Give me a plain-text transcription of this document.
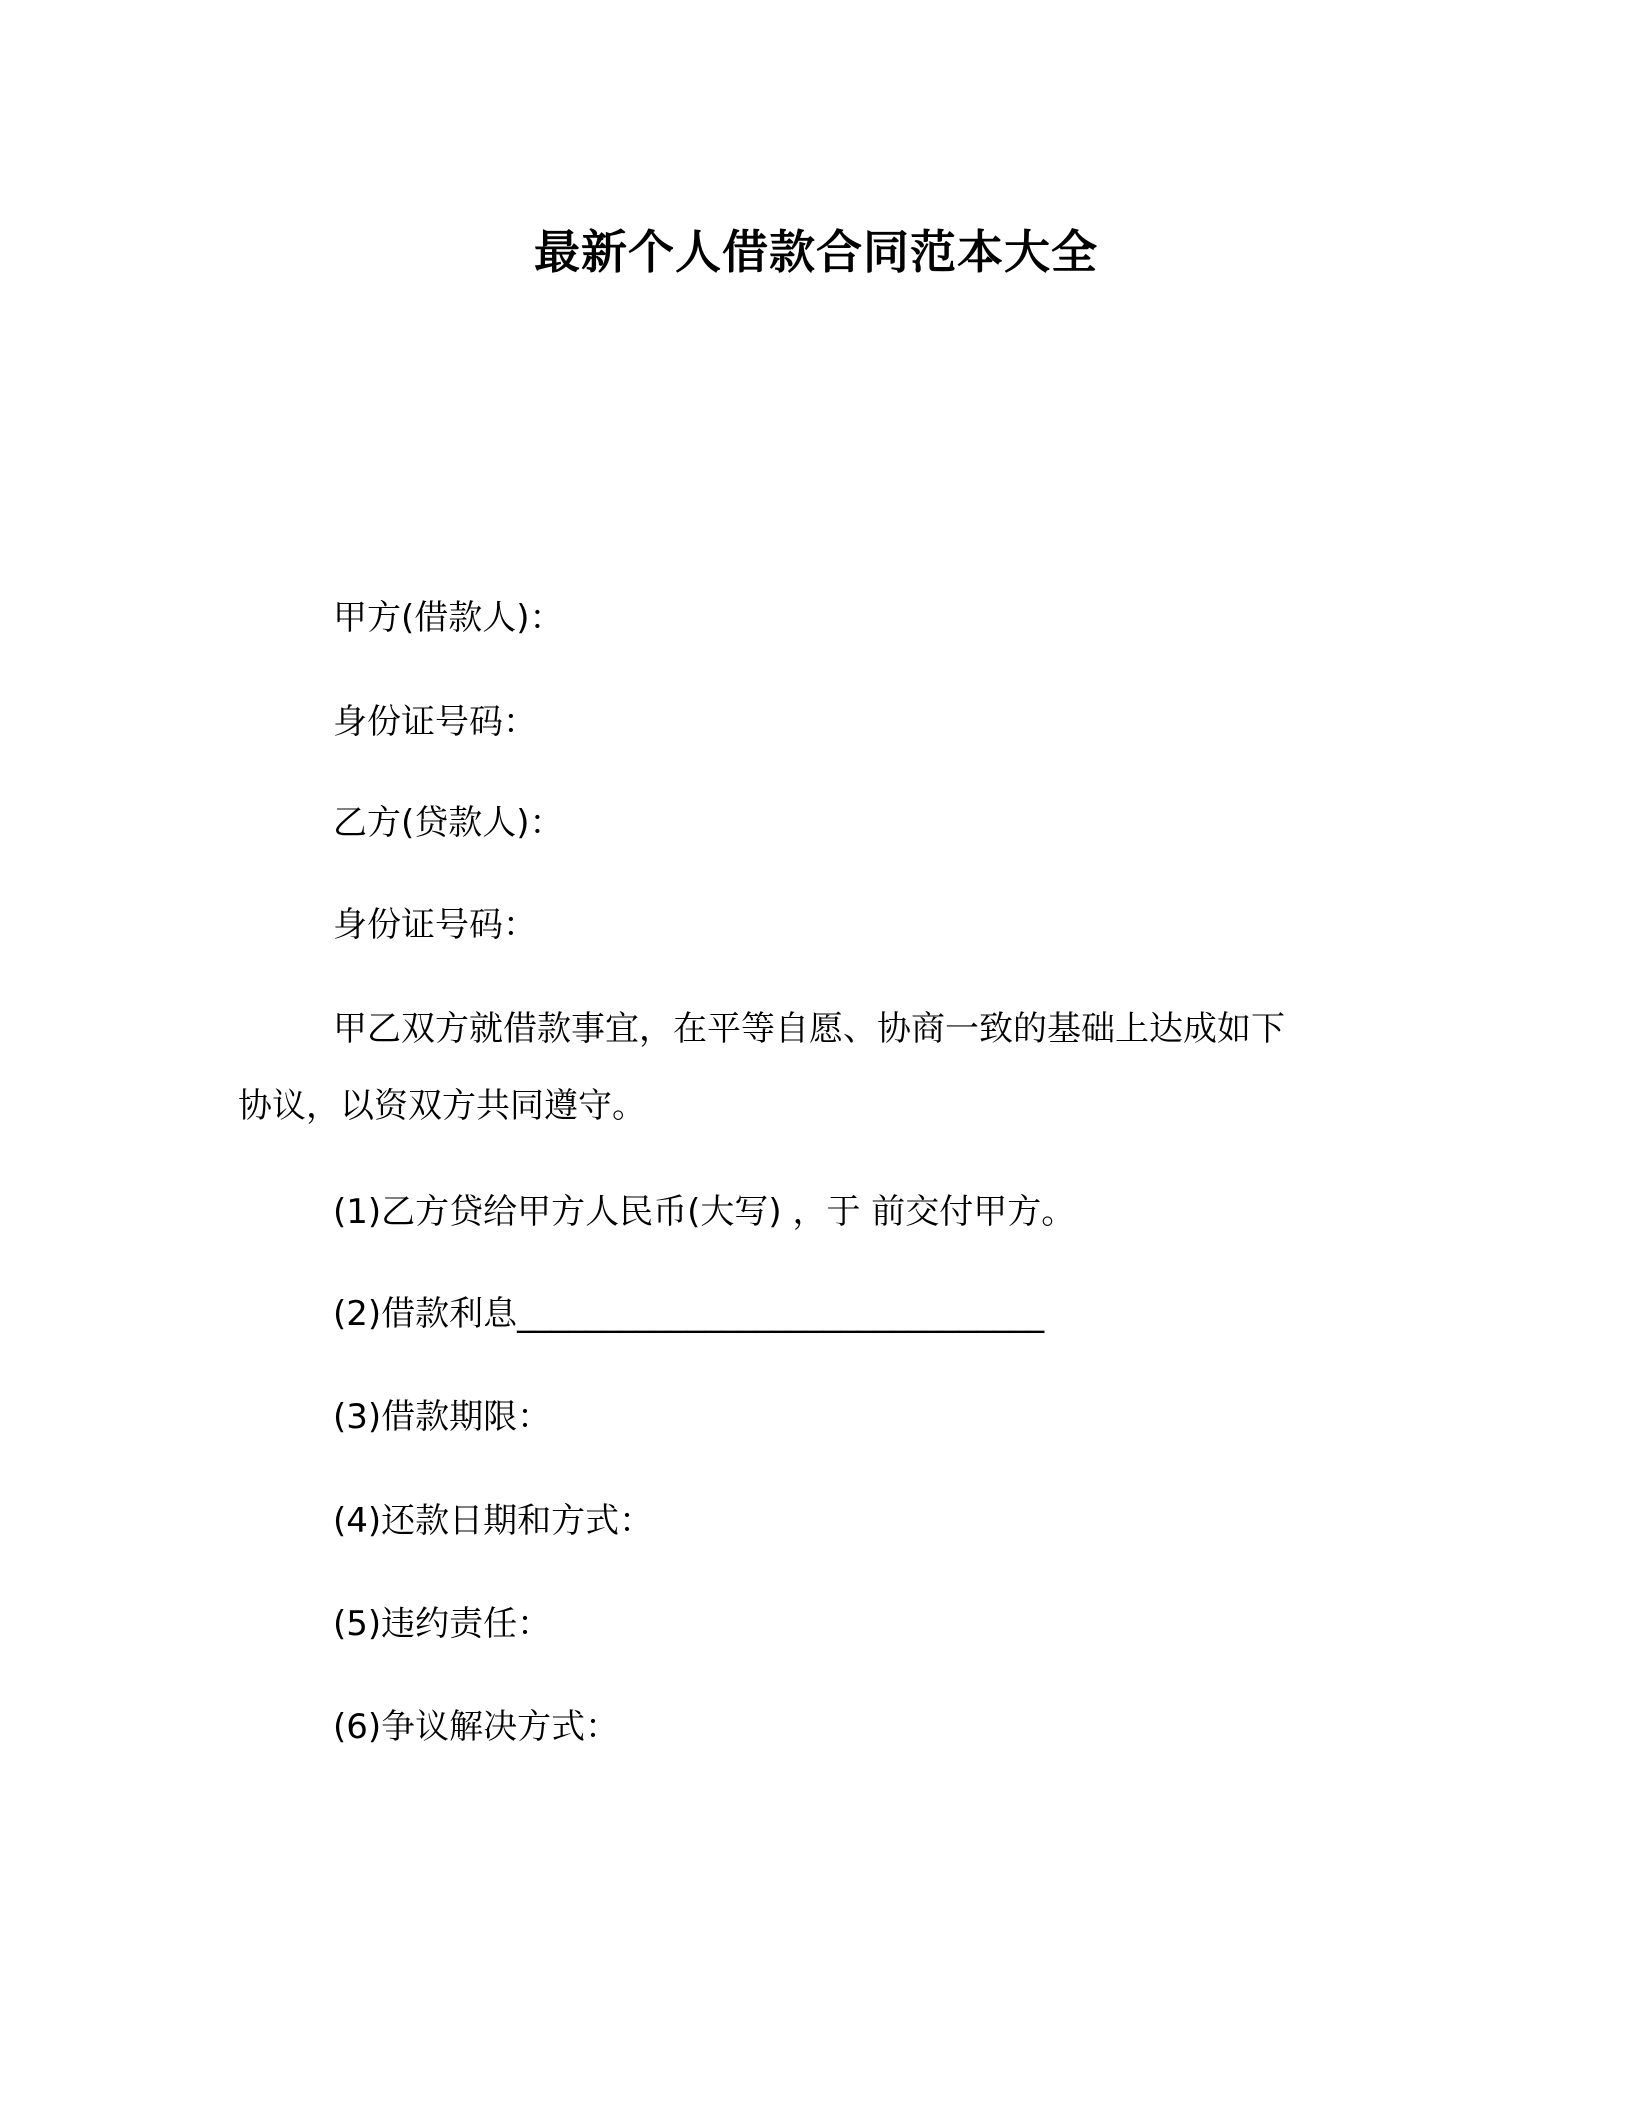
最新个人借款合同范本大全
甲方(借款人)：
身份证号码：
乙方(贷款人)：
身份证号码：
甲乙双方就借款事宜，在平等自愿、协商一致的基础上达成如下
协议，以资双方共同遵守。
(1)乙方贷给甲方人民币(大写) ，于 前交付甲方。
(2)借款利息_______________________________
(3)借款期限：
(4)还款日期和方式：
(5)违约责任：
(6)争议解决方式：
